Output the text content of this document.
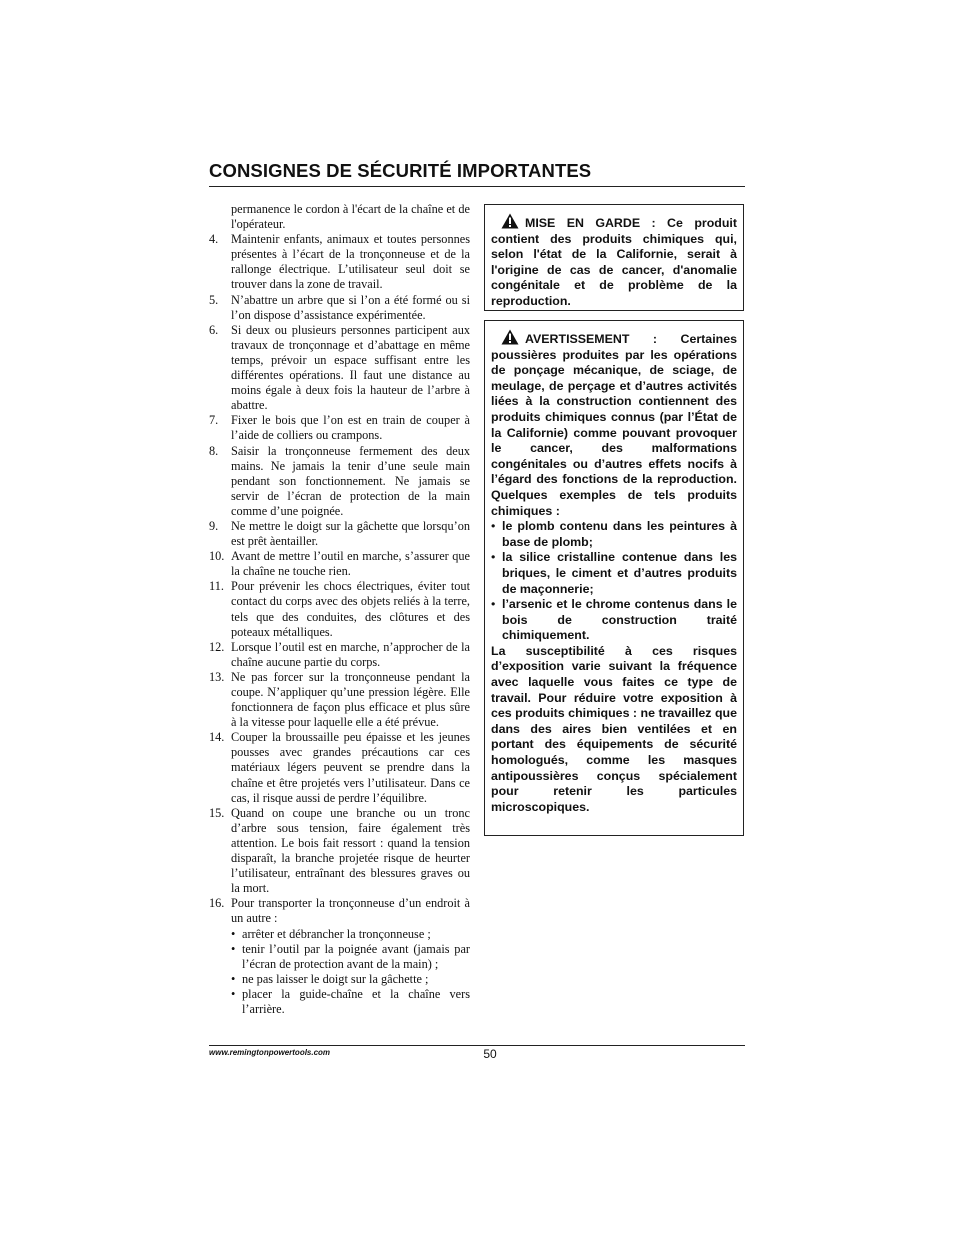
CONSIGNES DE SÉCURITÉ IMPORTANTES
permanence le cordon à l'écart de la chaîne et de l'opérateur.
4.	Maintenir enfants, animaux et toutes personnes présentes à l’écart de la tronçonneuse et de la rallonge électrique. L’utilisateur seul doit se trouver dans la zone de travail.
5.	N’abattre un arbre que si l’on a été formé ou si l’on dispose d’assistance expérimentée.
6.	Si deux ou plusieurs personnes participent aux travaux de tronçonnage et d’abattage en même temps, prévoir un espace suffisant entre les différentes opérations. Il faut une distance au moins égale à deux fois la hauteur de l’arbre à abattre.
7.	Fixer le bois que l’on est en train de couper à l’aide de colliers ou crampons.
8.	Saisir la tronçonneuse fermement des deux mains. Ne jamais la tenir d’une seule main pendant son fonctionnement. Ne jamais se servir de l’écran de protection de la main comme d’une poignée.
9.	Ne mettre le doigt sur la gâchette que lorsqu’on est prêt àentailler.
10. Avant de mettre l’outil en marche, s’assurer que la chaîne ne touche rien.
11. Pour prévenir les chocs électriques, éviter tout contact du corps avec des objets reliés à la terre, tels que des conduites, des clôtures et des poteaux métalliques.
12. Lorsque l’outil est en marche, n’approcher de la chaîne aucune partie du corps.
13. Ne pas forcer sur la tronçonneuse pendant la coupe. N’appliquer qu’une pression légère. Elle fonctionnera de façon plus efficace et plus sûre à la vitesse pour laquelle elle a été prévue.
14. Couper la broussaille peu épaisse et les jeunes pousses avec grandes précautions car ces matériaux légers peuvent se prendre dans la chaîne et être projetés vers l’utilisateur. Dans ce cas, il risque aussi de perdre l’équilibre.
15. Quand on coupe une branche ou un tronc d’arbre sous tension, faire également très attention. Le bois fait ressort : quand la tension disparaît, la branche projetée risque de heurter l’utilisateur, entraînant des blessures graves ou la mort.
16. Pour transporter la tronçonneuse d’un endroit à un autre :
• arrêter et débrancher la tronçonneuse ;
• tenir l’outil par la poignée avant (jamais par l’écran de protection avant de la main) ;
• ne pas laisser le doigt sur la gâchette ;
• placer la guide-chaîne et la chaîne vers l’arrière.

MISE EN GARDE : Ce produit contient des produits chimiques qui, selon l'état de la Californie, serait à l'origine de cas de cancer, d'anomalie congénitale et de problème de la reproduction.

AVERTISSEMENT : Certaines poussières produites par les opérations de ponçage mécanique, de sciage, de meulage, de perçage et d’autres activités liées à la construction contiennent des produits chimiques connus (par l’État de la Californie) comme pouvant provoquer le cancer, des malformations congénitales ou d’autres effets nocifs à l’égard des fonctions de la reproduction. Quelques exemples de tels produits chimiques :

• le plomb contenu dans les peintures à base de plomb;
• la silice cristalline contenue dans les briques, le ciment et d’autres produits de maçonnerie;
• l’arsenic et le chrome contenus dans le bois de construction traité chimiquement.

La susceptibilité à ces risques d’exposition varie suivant la fréquence avec laquelle vous faites ce type de travail. Pour réduire votre exposition à ces produits chimiques : ne travaillez que dans des aires bien ventilées et en portant des équipements de sécurité homologués, comme les masques antipoussières conçus spécialement pour retenir les particules microscopiques.

www.remingtonpowertools.com	50
